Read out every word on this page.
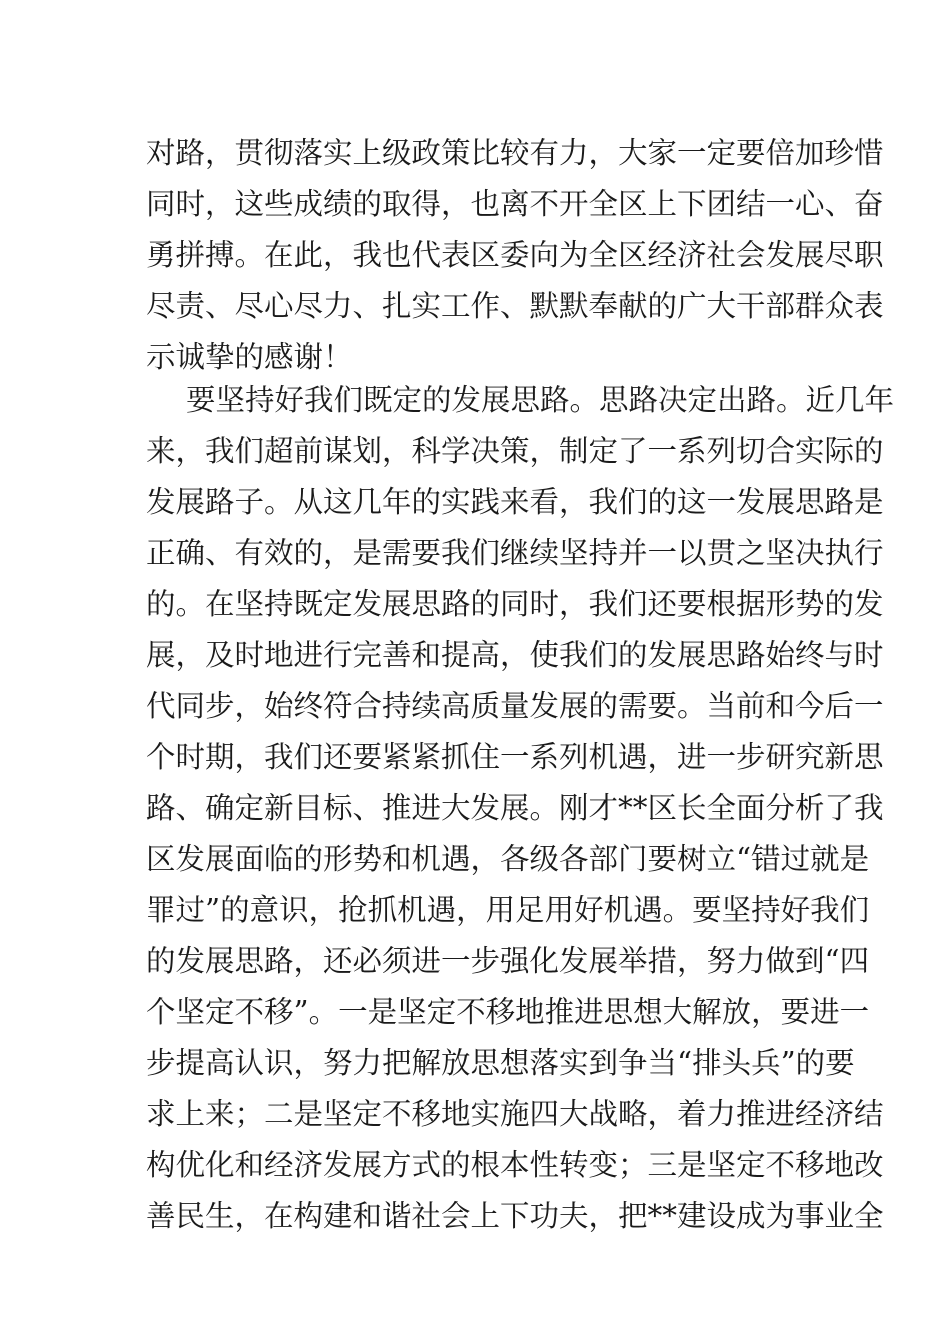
对路，贯彻落实上级政策比较有力，大家一定要倍加珍惜
同时，这些成绩的取得，也离不开全区上下团结一心、奋
勇拼搏。在此，我也代表区委向为全区经济社会发展尽职
尽责、尽心尽力、扎实工作、默默奉献的广大干部群众表
示诚挚的感谢！
要坚持好我们既定的发展思路。思路决定出路。近几年
来，我们超前谋划，科学决策，制定了一系列切合实际的
发展路子。从这几年的实践来看，我们的这一发展思路是
正确、有效的，是需要我们继续坚持并一以贯之坚决执行
的。在坚持既定发展思路的同时，我们还要根据形势的发
展，及时地进行完善和提高，使我们的发展思路始终与时
代同步，始终符合持续高质量发展的需要。当前和今后一
个时期，我们还要紧紧抓住一系列机遇，进一步研究新思
路、确定新目标、推进大发展。刚才**区长全面分析了我
区发展面临的形势和机遇，各级各部门要树立“错过就是
罪过”的意识，抢抓机遇，用足用好机遇。要坚持好我们
的发展思路，还必须进一步强化发展举措，努力做到“四
个坚定不移”。一是坚定不移地推进思想大解放，要进一
步提高认识，努力把解放思想落实到争当“排头兵”的要
求上来；二是坚定不移地实施四大战略，着力推进经济结
构优化和经济发展方式的根本性转变；三是坚定不移地改
善民生，在构建和谐社会上下功夫，把**建设成为事业全
